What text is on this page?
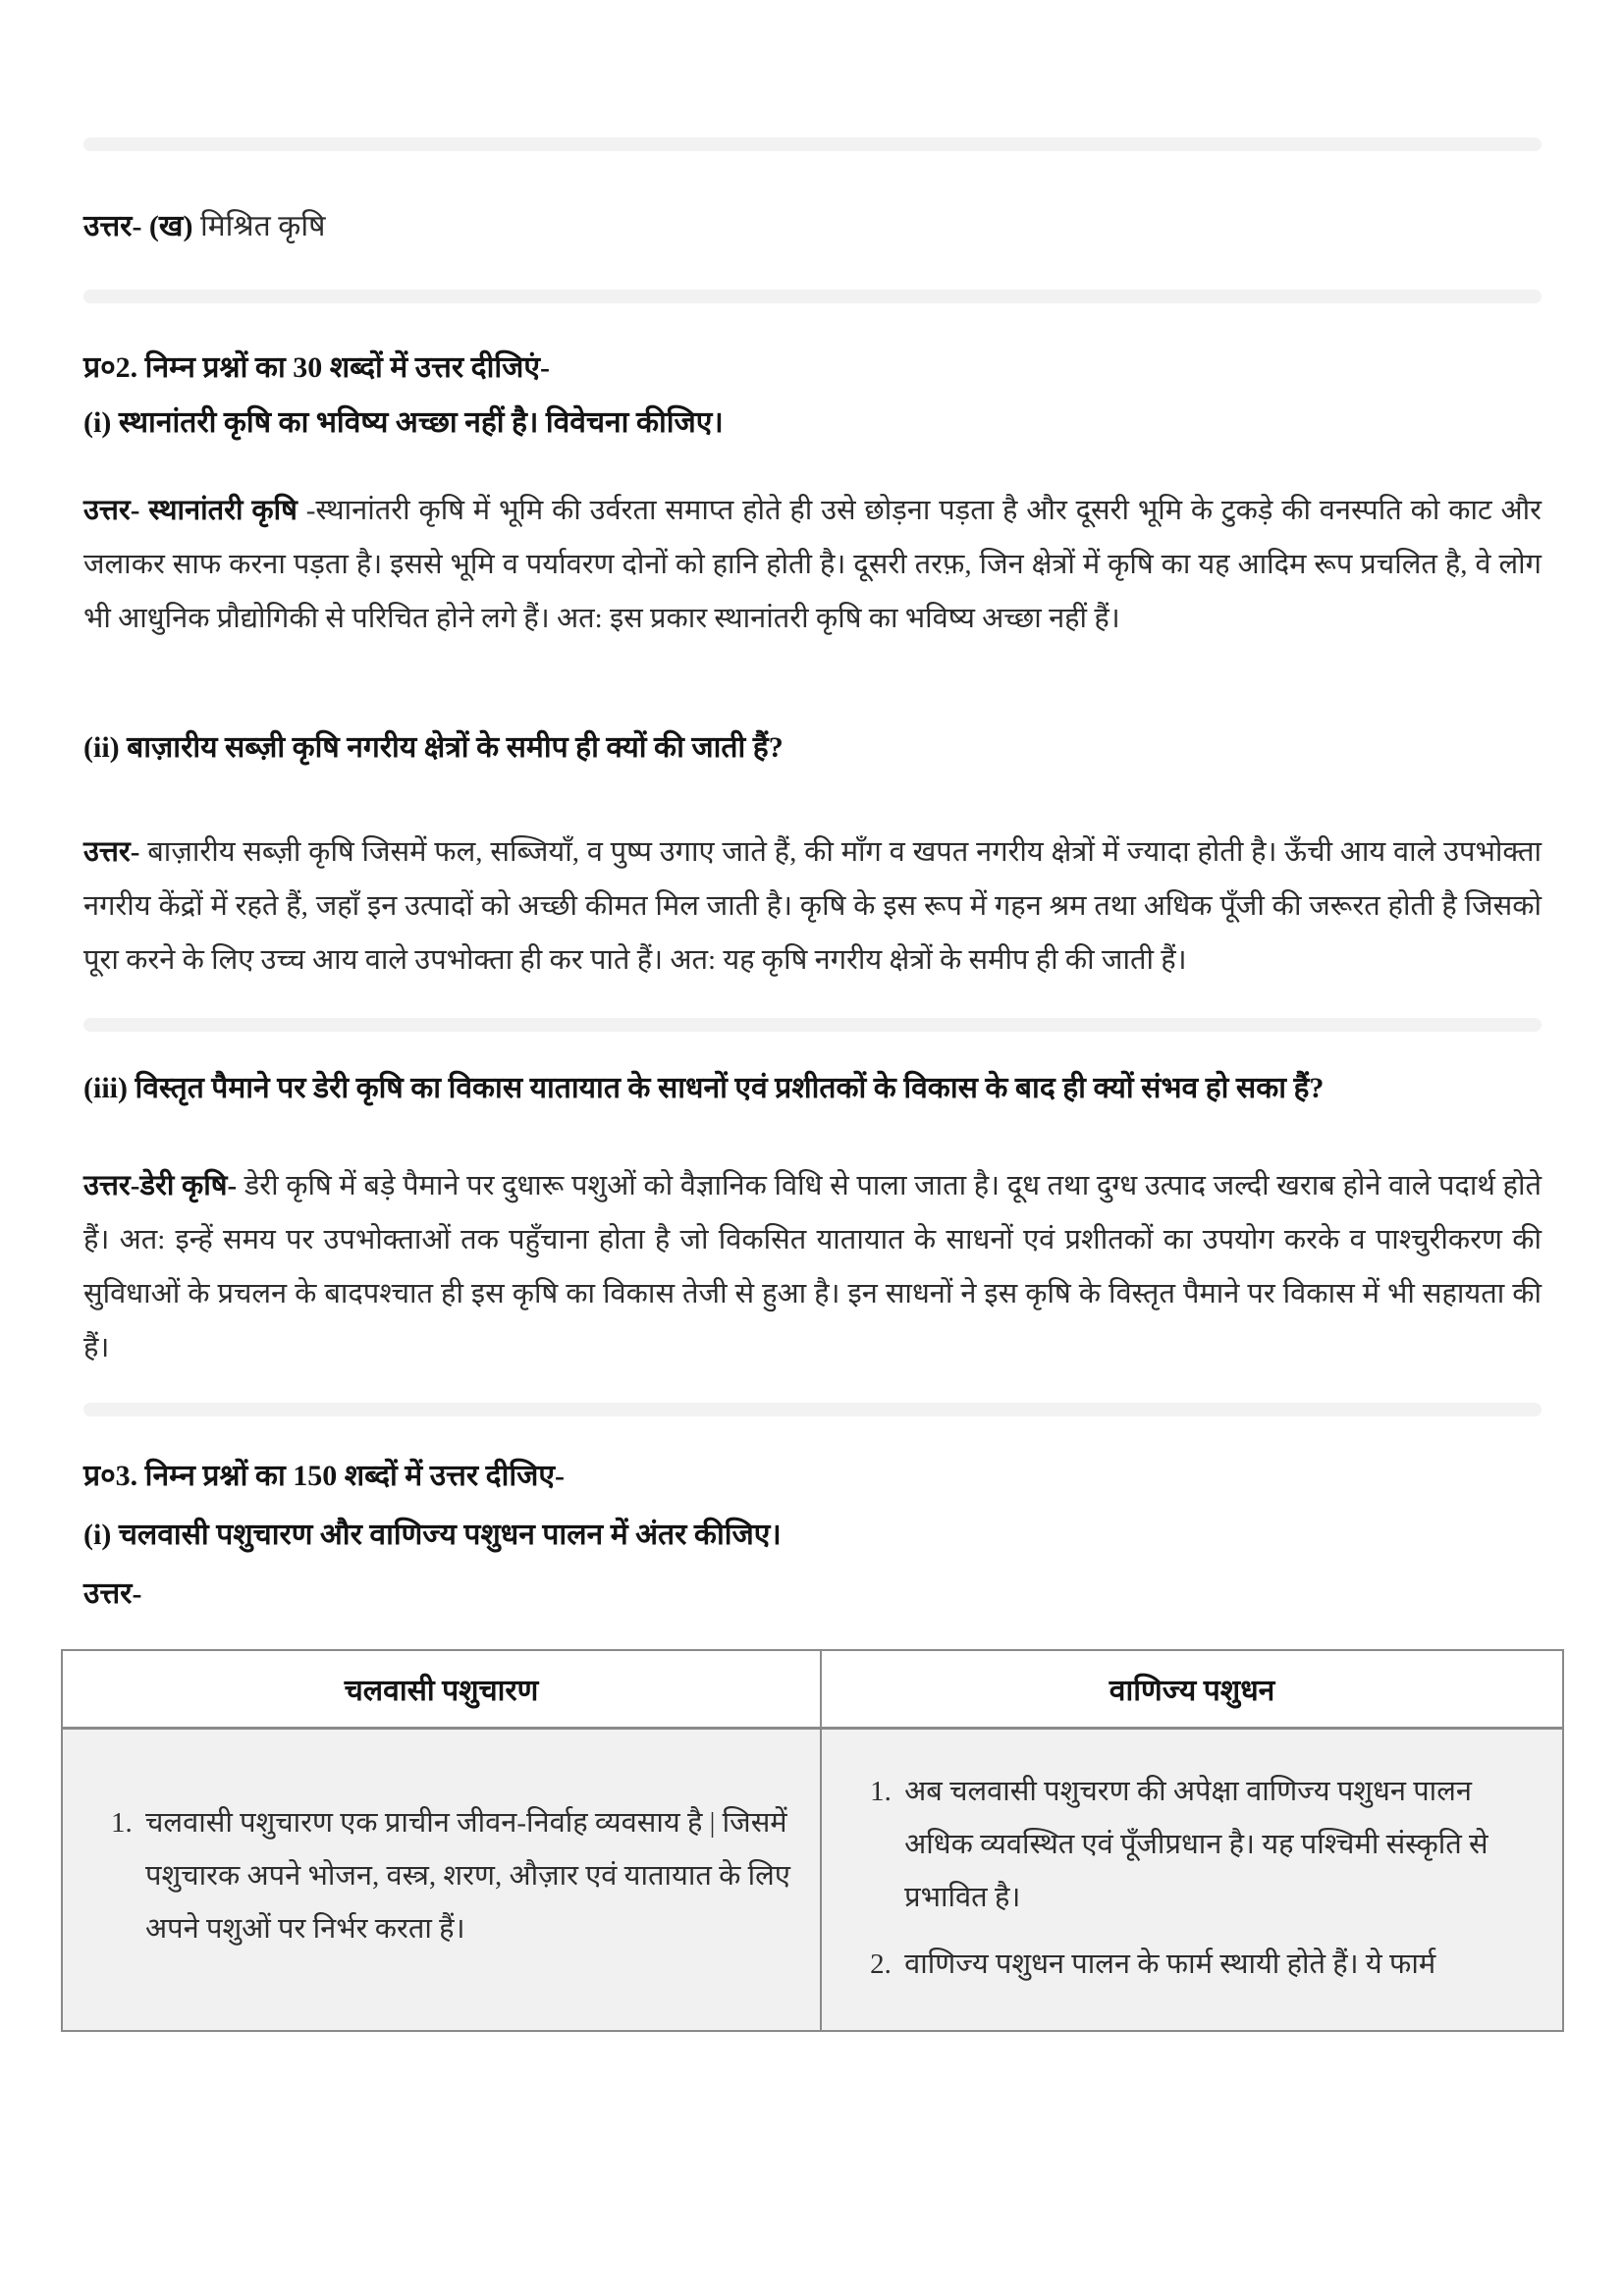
उत्तर- (ख) मिश्रित कृषि

प्र०2. निम्न प्रश्नों का 30 शब्दों में उत्तर दीजिएं-
(i) स्थानांतरी कृषि का भविष्य अच्छा नहीं है। विवेचना कीजिए।

उत्तर- स्थानांतरी कृषि -स्थानांतरी कृषि में भूमि की उर्वरता समाप्त होते ही उसे छोड़ना पड़ता है और दूसरी भूमि के टुकड़े की वनस्पति को काट और जलाकर साफ करना पड़ता है। इससे भूमि व पर्यावरण दोनों को हानि होती है। दूसरी तरफ़, जिन क्षेत्रों में कृषि का यह आदिम रूप प्रचलित है, वे लोग भी आधुनिक प्रौद्योगिकी से परिचित होने लगे हैं। अत: इस प्रकार स्थानांतरी कृषि का भविष्य अच्छा नहीं हैं।

(ii) बाज़ारीय सब्ज़ी कृषि नगरीय क्षेत्रों के समीप ही क्यों की जाती हैं?

उत्तर- बाज़ारीय सब्ज़ी कृषि जिसमें फल, सब्जियाँ, व पुष्प उगाए जाते हैं, की माँग व खपत नगरीय क्षेत्रों में ज्यादा होती है। ऊँची आय वाले उपभोक्ता नगरीय केंद्रों में रहते हैं, जहाँ इन उत्पादों को अच्छी कीमत मिल जाती है। कृषि के इस रूप में गहन श्रम तथा अधिक पूँजी की जरूरत होती है जिसको पूरा करने के लिए उच्च आय वाले उपभोक्ता ही कर पाते हैं। अत: यह कृषि नगरीय क्षेत्रों के समीप ही की जाती हैं।

(iii) विस्तृत पैमाने पर डेरी कृषि का विकास यातायात के साधनों एवं प्रशीतकों के विकास के बाद ही क्यों संभव हो सका हैं?

उत्तर-डेरी कृषि- डेरी कृषि में बड़े पैमाने पर दुधारू पशुओं को वैज्ञानिक विधि से पाला जाता है। दूध तथा दुग्ध उत्पाद जल्दी खराब होने वाले पदार्थ होते हैं। अत: इन्हें समय पर उपभोक्ताओं तक पहुँचाना होता है जो विकसित यातायात के साधनों एवं प्रशीतकों का उपयोग करके व पाश्चुरीकरण की सुविधाओं के प्रचलन के बादपश्चात ही इस कृषि का विकास तेजी से हुआ है। इन साधनों ने इस कृषि के विस्तृत पैमाने पर विकास में भी सहायता की हैं।

प्र०3. निम्न प्रश्नों का 150 शब्दों में उत्तर दीजिए-
(i) चलवासी पशुचारण और वाणिज्य पशुधन पालन में अंतर कीजिए।

उत्तर-

चलवासी पशुचारण	वाणिज्य पशुधन
1. चलवासी पशुचारण एक प्राचीन जीवन-निर्वाह व्यवसाय है | जिसमें पशुचारक अपने भोजन, वस्त्र, शरण, औज़ार एवं यातायात के लिए अपने पशुओं पर निर्भर करता हैं।
1. अब चलवासी पशुचरण की अपेक्षा वाणिज्य पशुधन पालन अधिक व्यवस्थित एवं पूँजीप्रधान है। यह पश्चिमी संस्कृति से प्रभावित है।
2. वाणिज्य पशुधन पालन के फार्म स्थायी होते हैं। ये फार्म
